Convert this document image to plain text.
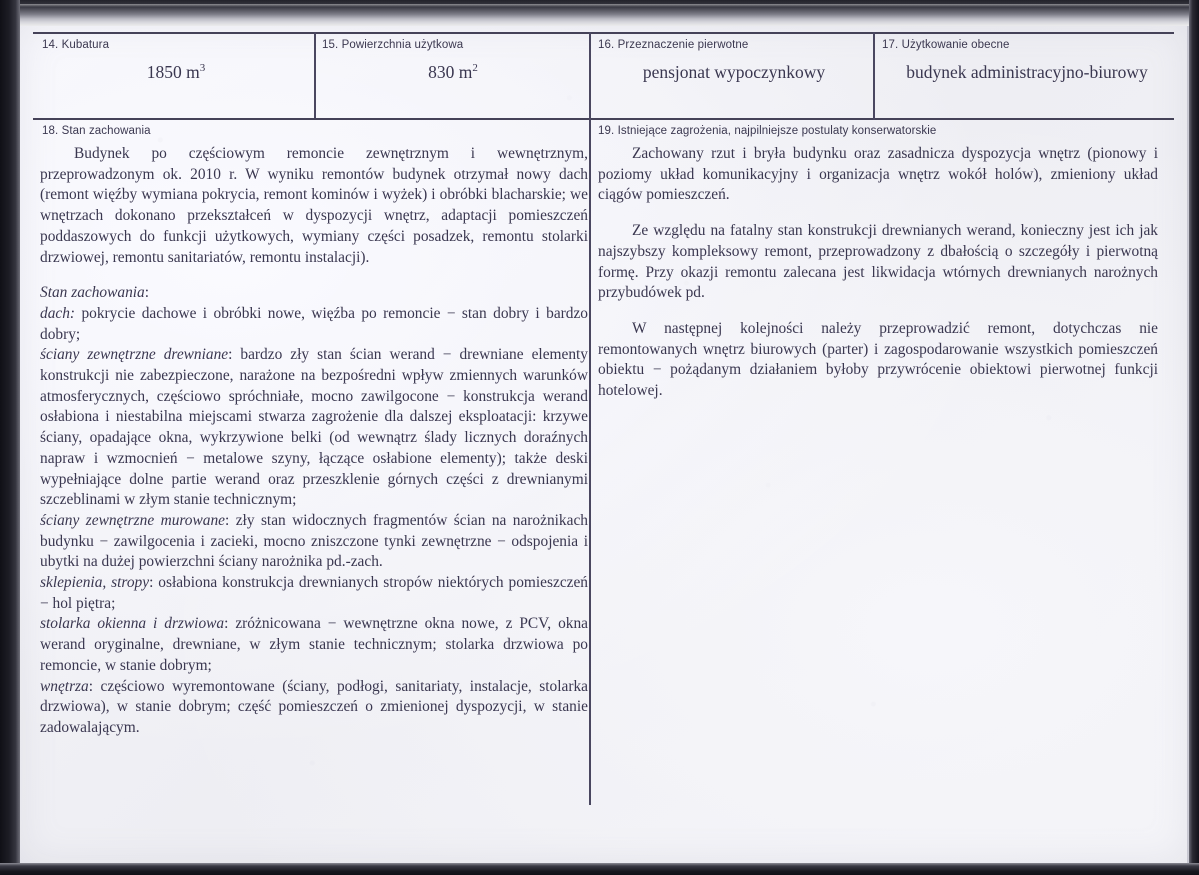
14. Kubatura
1850 $m^3$
15. Powierzchnia użytkowa
830 $m^2$
16. Przeznaczenie pierwotne
pensjonat wypoczynkowy
17. Użytkowanie obecne
budynek administracyjno-biurowy
18. Stan zachowania

Budynek po częściowym remoncie zewnętrznym i wewnętrznym, przeprowadzonym ok. 2010 r. W wyniku remontów budynek otrzymał nowy dach (remont więźby wymiana pokrycia, remont kominów i wyżek) i obróbki blacharskie; we wnętrzach dokonano przekształceń w dyspozycji wnętrz, adaptacji pomieszczeń poddaszowych do funkcji użytkowych, wymiany części posadzek, remontu stolarki drzwiowej, remontu sanitariatów, remontu instalacji).

Stan zachowania:

dach: pokrycie dachowe i obróbki nowe, więźba po remoncie − stan dobry i bardzo dobry;

ściany zewnętrzne drewniane: bardzo zły stan ścian werand − drewniane elementy konstrukcji nie zabezpieczone, narażone na bezpośredni wpływ zmiennych warunków atmosferycznych, częściowo spróchniałe, mocno zawilgocone − konstrukcja werand osłabiona i niestabilna miejscami stwarza zagrożenie dla dalszej eksploatacji: krzywe ściany, opadające okna, wykrzywione belki (od wewnątrz ślady licznych doraźnych napraw i wzmocnień − metalowe szyny, łączące osłabione elementy); także deski wypełniające dolne partie werand oraz przeszklenie górnych części z drewnianymi szczeblinami w złym stanie technicznym;

ściany zewnętrzne murowane: zły stan widocznych fragmentów ścian na narożnikach budynku − zawilgocenia i zacieki, mocno zniszczone tynki zewnętrzne − odspojenia i ubytki na dużej powierzchni ściany narożnika pd.-zach.

sklepienia, stropy: osłabiona konstrukcja drewnianych stropów niektórych pomieszczeń − hol piętra;

stolarka okienna i drzwiowa: zróżnicowana − wewnętrzne okna nowe, z PCV, okna werand oryginalne, drewniane, w złym stanie technicznym; stolarka drzwiowa po remoncie, w stanie dobrym;

wnętrza: częściowo wyremontowane (ściany, podłogi, sanitariaty, instalacje, stolarka drzwiowa), w stanie dobrym; część pomieszczeń o zmienionej dyspozycji, w stanie zadowalającym.

19. Istniejące zagrożenia, najpilniejsze postulaty konserwatorskie

Zachowany rzut i bryła budynku oraz zasadnicza dyspozycja wnętrz (pionowy i poziomy układ komunikacyjny i organizacja wnętrz wokół holów), zmieniony układ ciągów pomieszczeń.

Ze względu na fatalny stan konstrukcji drewnianych werand, konieczny jest ich jak najszybszy kompleksowy remont, przeprowadzony z dbałością o szczegóły i pierwotną formę. Przy okazji remontu zalecana jest likwidacja wtórnych drewnianych narożnych przybudówek pd.

W następnej kolejności należy przeprowadzić remont, dotychczas nie remontowanych wnętrz biurowych (parter) i zagospodarowanie wszystkich pomieszczeń obiektu − pożądanym działaniem byłoby przywrócenie obiektowi pierwotnej funkcji hotelowej.
